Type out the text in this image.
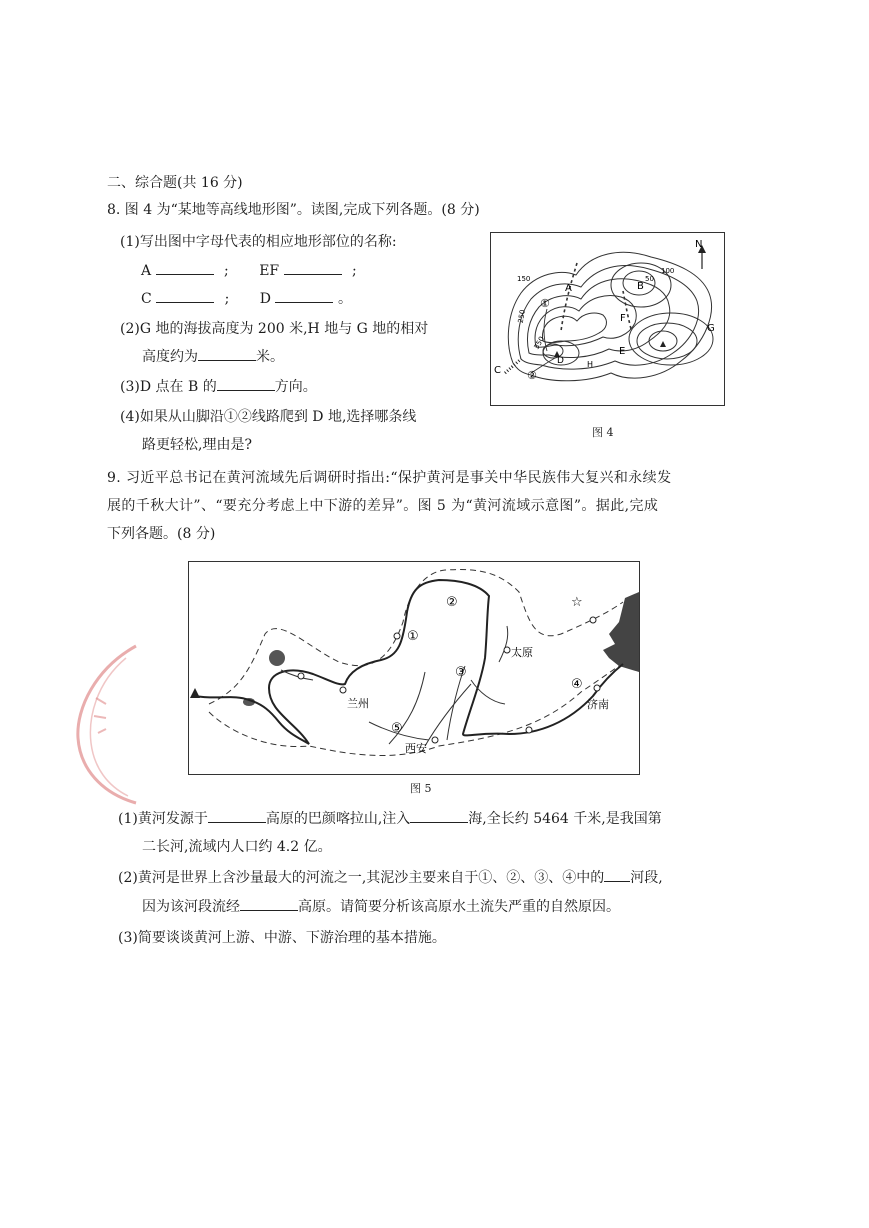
二、综合题(共 16 分)
8. 图 4 为“某地等高线地形图”。读图,完成下列各题。(8 分)
(1)写出图中字母代表的相应地形部位的名称:
A	; EF	;
C	; D	。
(2)G 地的海拔高度为 200 米,H 地与 G 地的相对
高度约为	米。
(3)D 点在 B 的	方向。
(4)如果从山脚沿①②线路爬到 D 地,选择哪条线
路更轻松,理由是?
N
A	B
50
100
C
D
E
F
G
H
150
250
350
①
②
图 4
9. 习近平总书记在黄河流域先后调研时指出:“保护黄河是事关中华民族伟大复兴和永续发
展的千秋大计”、“要充分考虑上中下游的差异”。图 5 为“黄河流域示意图”。据此,完成
下列各题。(8 分)
☆
兰州
太原
西安
济南
①
②
③
④
⑤
图 5
(1)黄河发源于	高原的巴颜喀拉山,注入	海,全长约 5464 千米,是我国第
二长河,流域内人口约 4.2 亿。
(2)黄河是世界上含沙量最大的河流之一,其泥沙主要来自于①、②、③、④中的 河段,
因为该河段流经	高原。请简要分析该高原水土流失严重的自然原因。
(3)简要谈谈黄河上游、中游、下游治理的基本措施。
